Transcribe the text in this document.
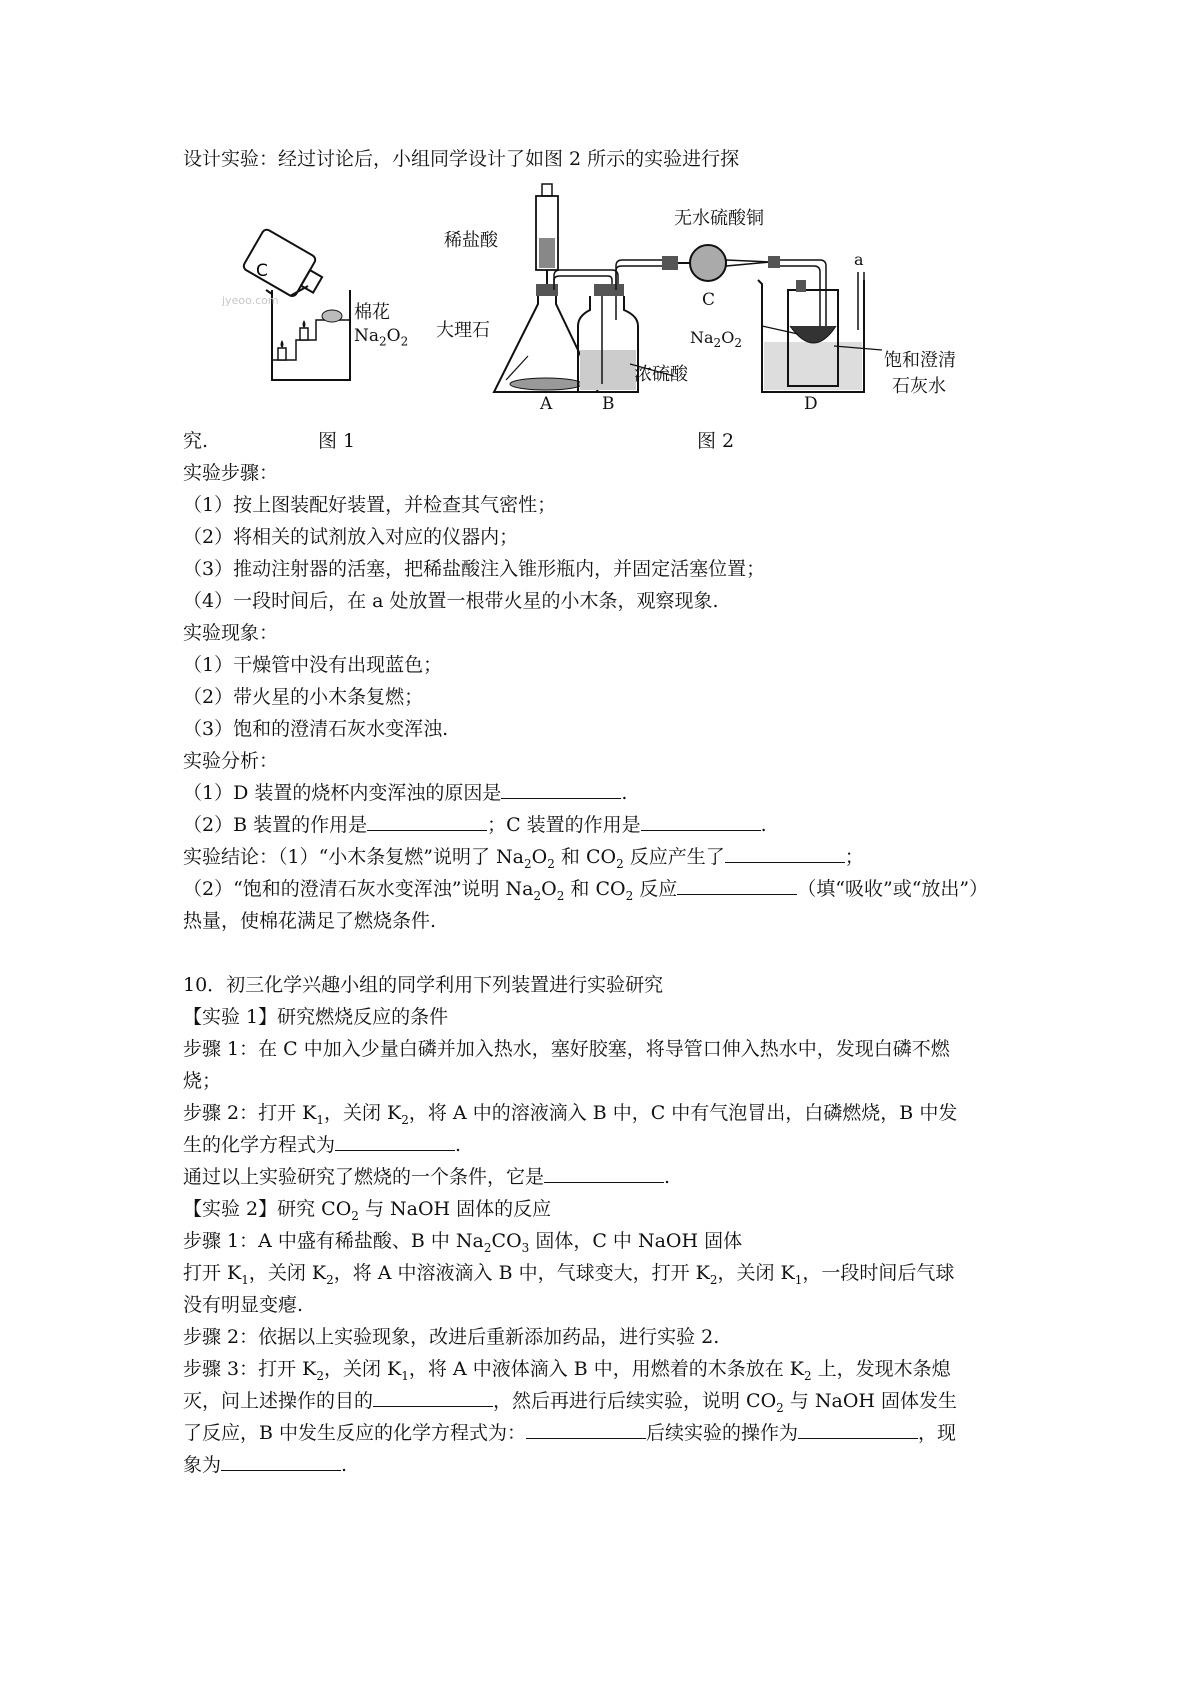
设计实验：经过讨论后，小组同学设计了如图 2 所示的实验进行探
C
jyeoo.com
棉花
$Na_2O_2$
稀盐酸
无水硫酸铜
大理石
浓硫酸
$Na_2O_2$
饱和澄清
石灰水
a
A	B
C
D
究.	图 1	图 2
实验步骤：
（1）按上图装配好装置，并检查其气密性；
（2）将相关的试剂放入对应的仪器内；
（3）推动注射器的活塞，把稀盐酸注入锥形瓶内，并固定活塞位置；
（4）一段时间后，在 a 处放置一根带火星的小木条，观察现象.
实验现象：
（1）干燥管中没有出现蓝色；
（2）带火星的小木条复燃；
（3）饱和的澄清石灰水变浑浊.
实验分析：
（1）D 装置的烧杯内变浑浊的原因是	.
（2）B 装置的作用是	；C 装置的作用是	.
实验结论：（1）“小木条复燃”说明了 $Na_2O_2$ 和 $CO_2$ 反应产生了	；
（2）“饱和的澄清石灰水变浑浊”说明 $Na_2O_2$ 和 $CO_2$ 反应	（填“吸收”或“放出”）
热量，使棉花满足了燃烧条件.
10．初三化学兴趣小组的同学利用下列装置进行实验研究
【实验 1】研究燃烧反应的条件
步骤 1：在 C 中加入少量白磷并加入热水，塞好胶塞，将导管口伸入热水中，发现白磷不燃
烧；
步骤 2：打开 $K_1$，关闭 $K_2$，将 A 中的溶液滴入 B 中，C 中有气泡冒出，白磷燃烧，B 中发
生的化学方程式为	.
通过以上实验研究了燃烧的一个条件，它是	.
【实验 2】研究 $CO_2$ 与 NaOH 固体的反应
步骤 1：A 中盛有稀盐酸、B 中 $Na_2CO_3$ 固体，C 中 NaOH 固体
打开 $K_1$，关闭 $K_2$，将 A 中溶液滴入 B 中，气球变大，打开 $K_2$，关闭 $K_1$，一段时间后气球
没有明显变瘪.
步骤 2：依据以上实验现象，改进后重新添加药品，进行实验 2.
步骤 3：打开 $K_2$，关闭 $K_1$，将 A 中液体滴入 B 中，用燃着的木条放在 $K_2$ 上，发现木条熄
灭，问上述操作的目的	，然后再进行后续实验，说明 $CO_2$ 与 NaOH 固体发生
了反应，B 中发生反应的化学方程式为：	后续实验的操作为	，现
象为	.
